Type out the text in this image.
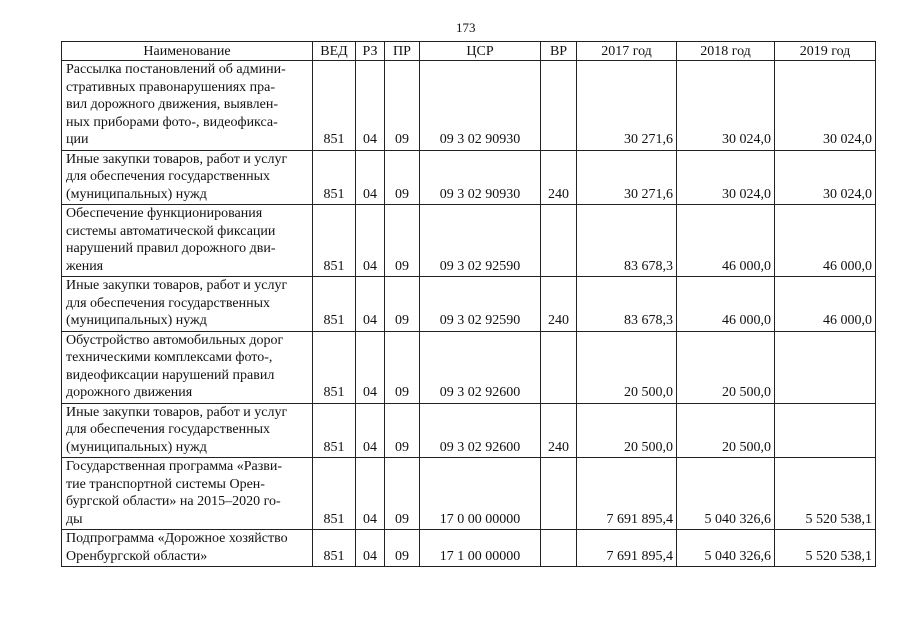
173
Наименование	ВЕД	РЗ	ПР	ЦСР	ВР	2017 год	2018 год	2019 год

Рассылка постановлений об админи-
стративных правонарушениях пра-
вил дорожного движения, выявлен-
ных приборами фото-, видеофикса-
ции	851	04	09	09 3 02 90930		30 271,6	30 024,0	30 024,0

Иные закупки товаров, работ и услуг
для обеспечения государственных
(муниципальных) нужд	851	04	09	09 3 02 90930	240	30 271,6	30 024,0	30 024,0

Обеспечение функционирования
системы автоматической фиксации
нарушений правил дорожного дви-
жения	851	04	09	09 3 02 92590		83 678,3	46 000,0	46 000,0

Иные закупки товаров, работ и услуг
для обеспечения государственных
(муниципальных) нужд	851	04	09	09 3 02 92590	240	83 678,3	46 000,0	46 000,0

Обустройство автомобильных дорог
техническими комплексами фото-,
видеофиксации нарушений правил
дорожного движения	851	04	09	09 3 02 92600		20 500,0	20 500,0	

Иные закупки товаров, работ и услуг
для обеспечения государственных
(муниципальных) нужд	851	04	09	09 3 02 92600	240	20 500,0	20 500,0	

Государственная программа «Разви-
тие транспортной системы Орен-
бургской области» на 2015–2020 го-
ды	851	04	09	17 0 00 00000		7 691 895,4	5 040 326,6	5 520 538,1

Подпрограмма «Дорожное хозяйство
Оренбургской области»	851	04	09	17 1 00 00000		7 691 895,4	5 040 326,6	5 520 538,1
